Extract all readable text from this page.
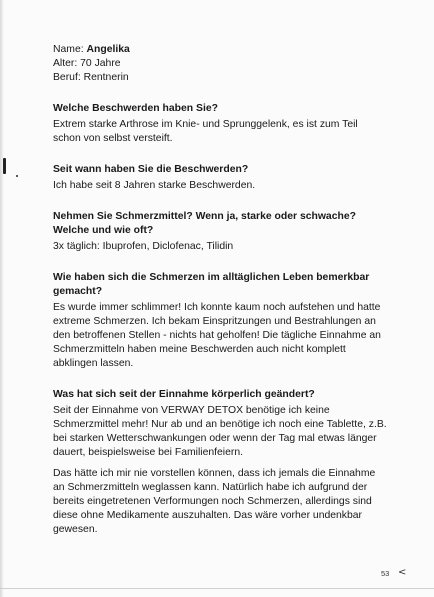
Name: Angelika
Alter: 70 Jahre
Beruf: Rentnerin
Welche Beschwerden haben Sie?
Extrem starke Arthrose im Knie- und Sprunggelenk, es ist zum Teil
schon von selbst versteift.
Seit wann haben Sie die Beschwerden?
Ich habe seit 8 Jahren starke Beschwerden.
Nehmen Sie Schmerzmittel? Wenn ja, starke oder schwache?
Welche und wie oft?
3x täglich: Ibuprofen, Diclofenac, Tilidin
Wie haben sich die Schmerzen im alltäglichen Leben bemerkbar
gemacht?
Es wurde immer schlimmer! Ich konnte kaum noch aufstehen und hatte
extreme Schmerzen. Ich bekam Einspritzungen und Bestrahlungen an
den betroffenen Stellen - nichts hat geholfen! Die tägliche Einnahme an
Schmerzmitteln haben meine Beschwerden auch nicht komplett
abklingen lassen.
Was hat sich seit der Einnahme körperlich geändert?
Seit der Einnahme von VERWAY DETOX benötige ich keine
Schmerzmittel mehr! Nur ab und an benötige ich noch eine Tablette, z.B.
bei starken Wetterschwankungen oder wenn der Tag mal etwas länger
dauert, beispielsweise bei Familienfeiern.
Das hätte ich mir nie vorstellen können, dass ich jemals die Einnahme
an Schmerzmitteln weglassen kann. Natürlich habe ich aufgrund der
bereits eingetretenen Verformungen noch Schmerzen, allerdings sind
diese ohne Medikamente auszuhalten. Das wäre vorher undenkbar
gewesen.
53 <
